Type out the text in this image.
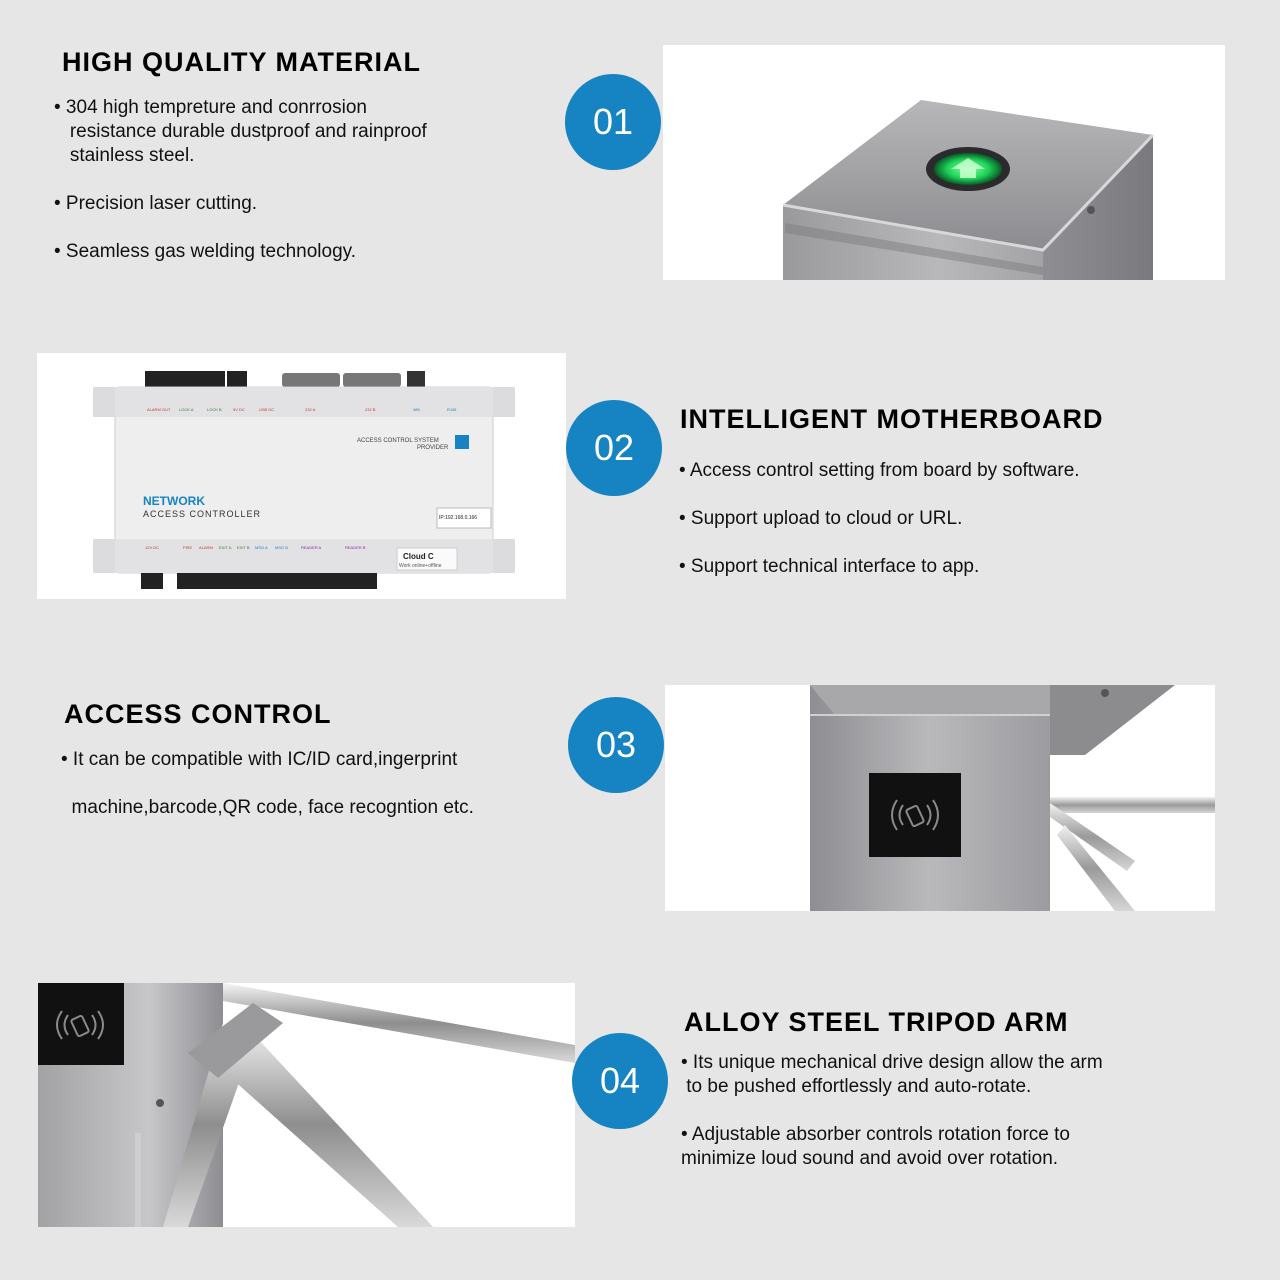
HIGH QUALITY MATERIAL
• 304 high tempreture and conrrosion
resistance durable dustproof and rainproof
stainless steel.
• Precision laser cutting.
• Seamless gas welding technology.
01
NETWORK
ACCESS CONTROLLER
ACCESS CONTROL SYSTEM
PROVIDER
IP:192.168.0.166
Cloud C
Work online+offline
ALARM OUT LOCK A	LOCK B	5V DC	USB DC	232 A	232 B	485	RJ45
12V DC	FIRE ALARM EXIT A EXIT B MSG A MSG B	READER A	READER B
02
INTELLIGENT MOTHERBOARD
• Access control setting from board by software.
• Support upload to cloud or URL.
• Support technical interface to app.
ACCESS CONTROL
• It can be compatible with IC/ID card,ingerprint
machine,barcode,QR code, face recogntion etc.
03
04
ALLOY STEEL TRIPOD ARM
• Its unique mechanical drive design allow the arm
to be pushed effortlessly and auto-rotate.
• Adjustable absorber controls rotation force to
minimize loud sound and avoid over rotation.
